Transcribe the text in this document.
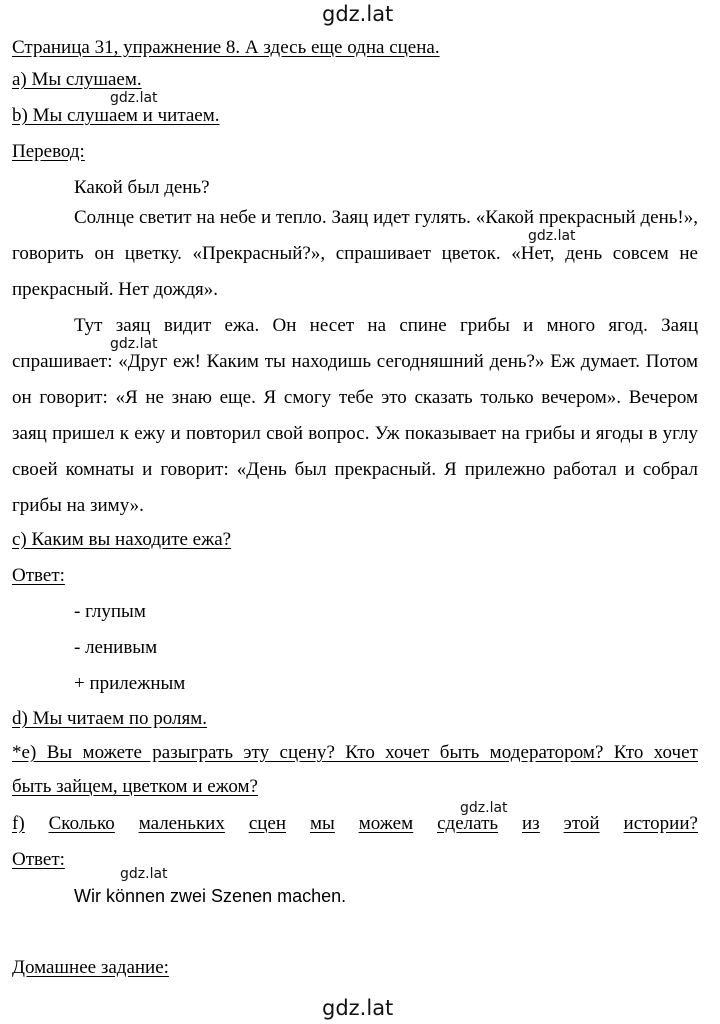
gdz.lat
Страница 31, упражнение 8. А здесь еще одна сцена.
a) Мы слушаем.
gdz.lat
b) Мы слушаем и читаем.
Перевод:
Какой был день?

Солнце светит на небе и тепло. Заяц идет гулять. «Какой прекрасный день!», говорить он цветку. «Прекрасный?», спрашивает цветок. «Нет, день совсем не прекрасный. Нет дождя».

gdz.lat

Тут заяц видит ежа. Он несет на спине грибы и много ягод. Заяц спрашивает: «Друг еж! Каким ты находишь сегодняшний день?» Еж думает. Потом он говорит: «Я не знаю еще. Я смогу тебе это сказать только вечером». Вечером заяц пришел к ежу и повторил свой вопрос. Уж показывает на грибы и ягоды в углу своей комнаты и говорит: «День был прекрасный. Я прилежно работал и собрал грибы на зиму».

gdz.lat
c) Каким вы находите ежа?
Ответ:
- глупым
- ленивым
+ прилежным
d) Мы читаем по ролям.
*e) Вы можете разыграть эту сцену? Кто хочет быть модератором? Кто хочет
быть зайцем, цветком и ежом?
gdz.lat
f) Сколько маленьких сцен мы можем сделать из этой истории?
Ответ:
gdz.lat
Wir können zwei Szenen machen.
Домашнее задание:
gdz.lat
